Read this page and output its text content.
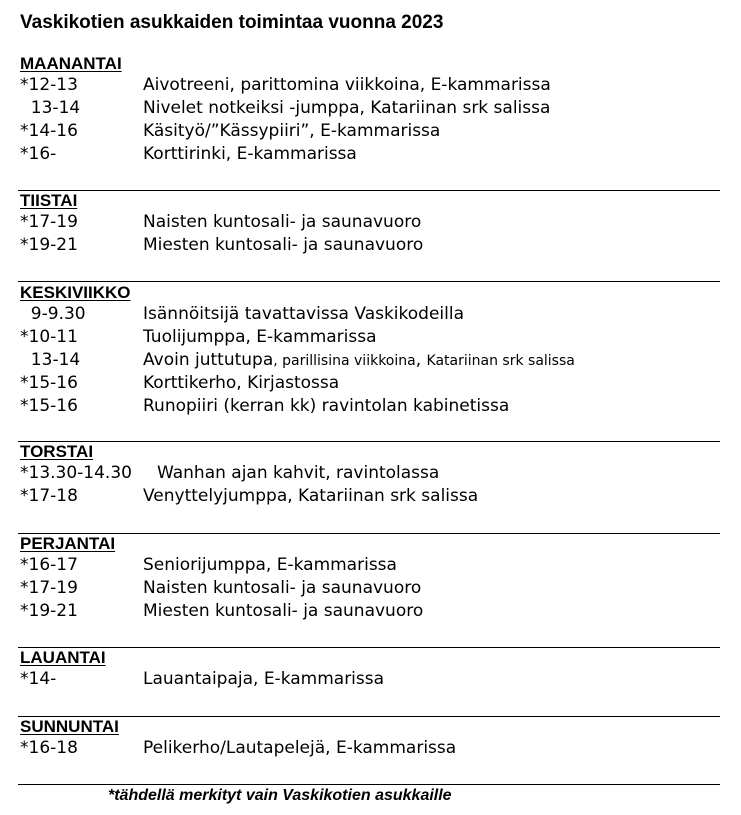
Vaskikotien asukkaiden toimintaa vuonna 2023
MAANANTAI
*12-13	Aivotreeni, parittomina viikkoina, E-kammarissa
13-14	Nivelet notkeiksi -jumppa, Katariinan srk salissa
*14-16	Käsityö/”Kässypiiri”, E-kammarissa
*16-	Korttirinki, E-kammarissa
TIISTAI
*17-19	Naisten kuntosali- ja saunavuoro
*19-21	Miesten kuntosali- ja saunavuoro
KESKIVIIKKO
9-9.30	Isännöitsijä tavattavissa Vaskikodeilla
*10-11	Tuolijumppa, E-kammarissa
13-14	Avoin juttutupa, parillisina viikkoina, Katariinan srk salissa
*15-16	Korttikerho, Kirjastossa
*15-16	Runopiiri (kerran kk) ravintolan kabinetissa
TORSTAI
*13.30-14.30 Wanhan ajan kahvit, ravintolassa
*17-18	Venyttelyjumppa, Katariinan srk salissa
PERJANTAI
*16-17	Seniorijumppa, E-kammarissa
*17-19	Naisten kuntosali- ja saunavuoro
*19-21	Miesten kuntosali- ja saunavuoro
LAUANTAI
*14-	Lauantaipaja, E-kammarissa
SUNNUNTAI
*16-18	Pelikerho/Lautapelejä, E-kammarissa
*tähdellä merkityt vain Vaskikotien asukkaille
